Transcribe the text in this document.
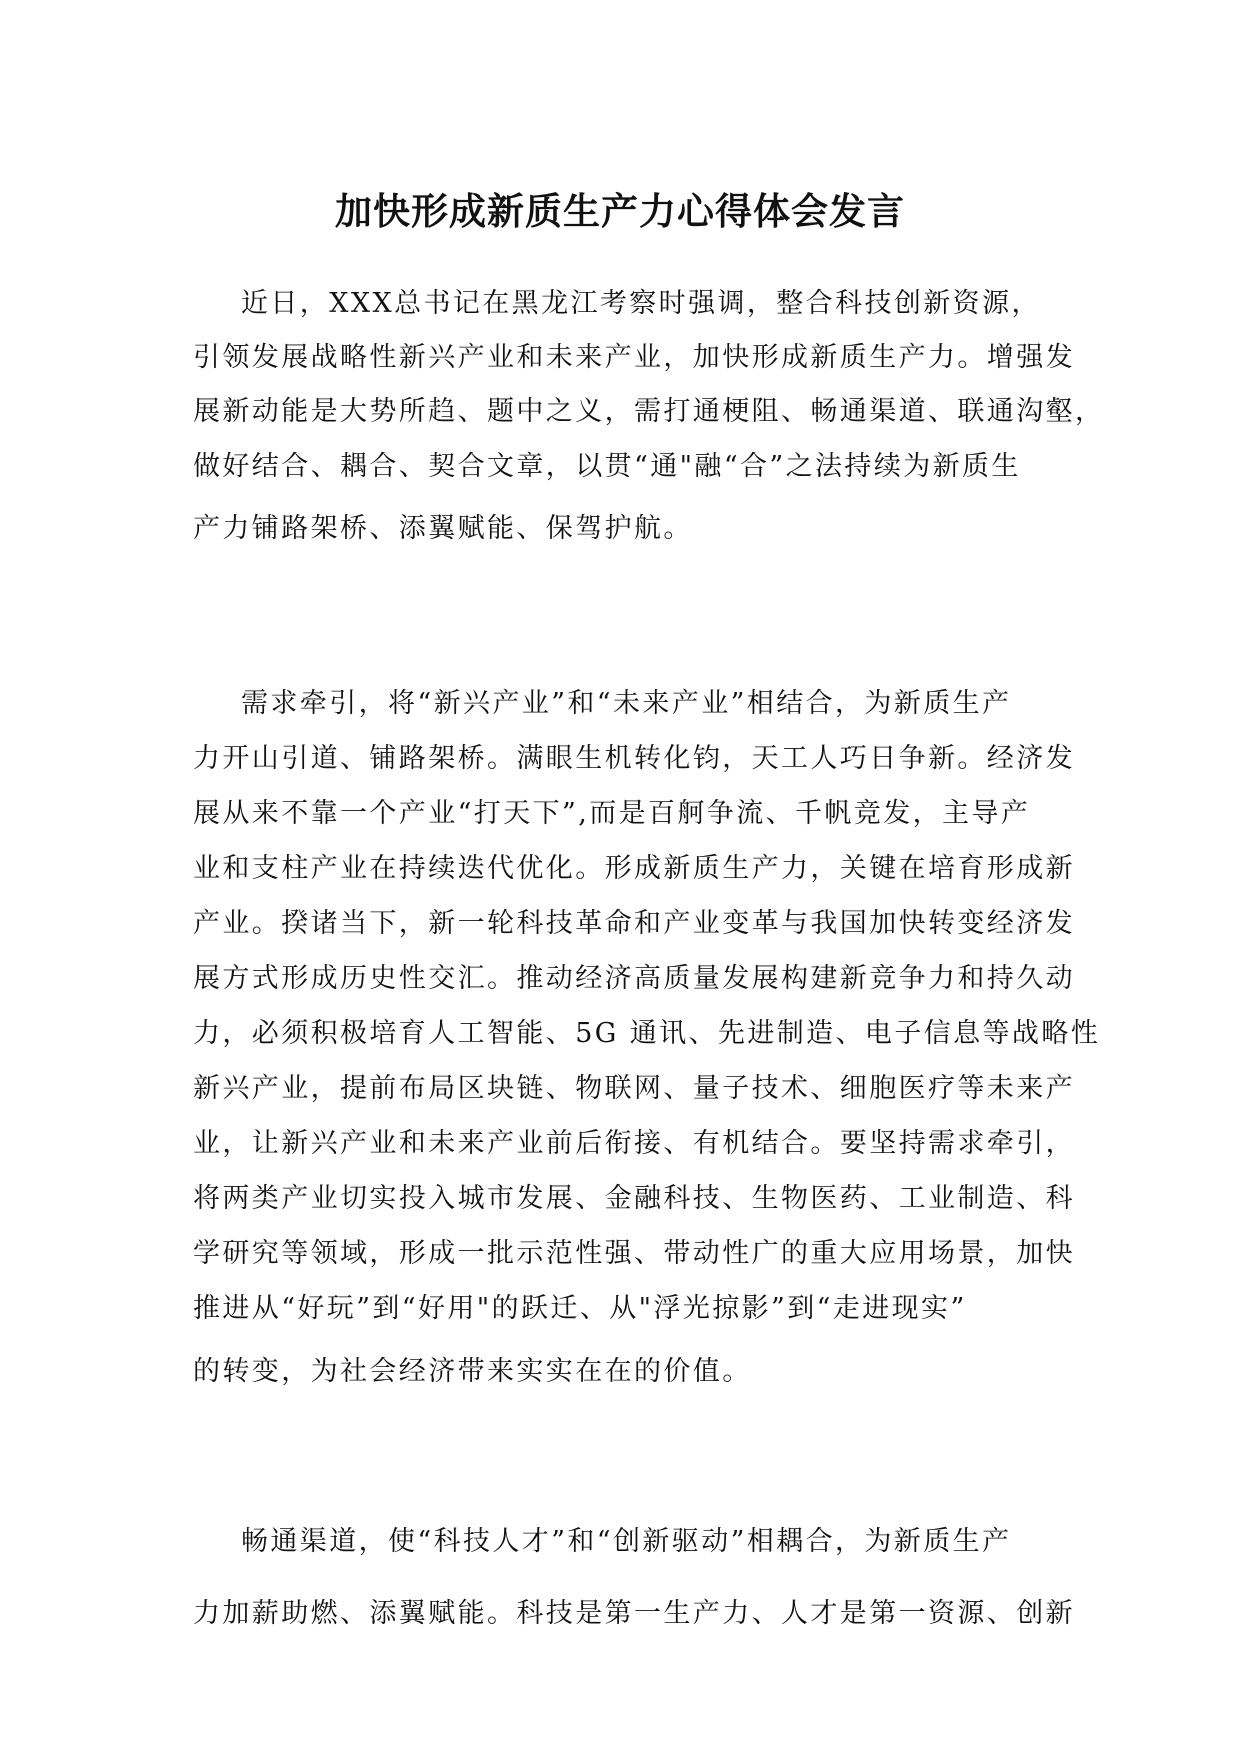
加快形成新质生产力心得体会发言
近日，XXX总书记在黑龙江考察时强调，整合科技创新资源，
引领发展战略性新兴产业和未来产业，加快形成新质生产力。增强发
展新动能是大势所趋、题中之义，需打通梗阻、畅通渠道、联通沟壑，
做好结合、耦合、契合文章，以贯“通"融“合”之法持续为新质生
产力铺路架桥、添翼赋能、保驾护航。
需求牵引，将“新兴产业”和“未来产业”相结合，为新质生产
力开山引道、铺路架桥。满眼生机转化钧，天工人巧日争新。经济发
展从来不靠一个产业“打天下”,而是百舸争流、千帆竞发，主导产
业和支柱产业在持续迭代优化。形成新质生产力，关键在培育形成新
产业。揆诸当下，新一轮科技革命和产业变革与我国加快转变经济发
展方式形成历史性交汇。推动经济高质量发展构建新竞争力和持久动
力，必须积极培育人工智能、5G 通讯、先进制造、电子信息等战略性
新兴产业，提前布局区块链、物联网、量子技术、细胞医疗等未来产
业，让新兴产业和未来产业前后衔接、有机结合。要坚持需求牵引，
将两类产业切实投入城市发展、金融科技、生物医药、工业制造、科
学研究等领域，形成一批示范性强、带动性广的重大应用场景，加快
推进从“好玩”到“好用"的跃迁、从"浮光掠影”到“走进现实”
的转变，为社会经济带来实实在在的价值。
畅通渠道，使“科技人才”和“创新驱动”相耦合，为新质生产
力加薪助燃、添翼赋能。科技是第一生产力、人才是第一资源、创新
